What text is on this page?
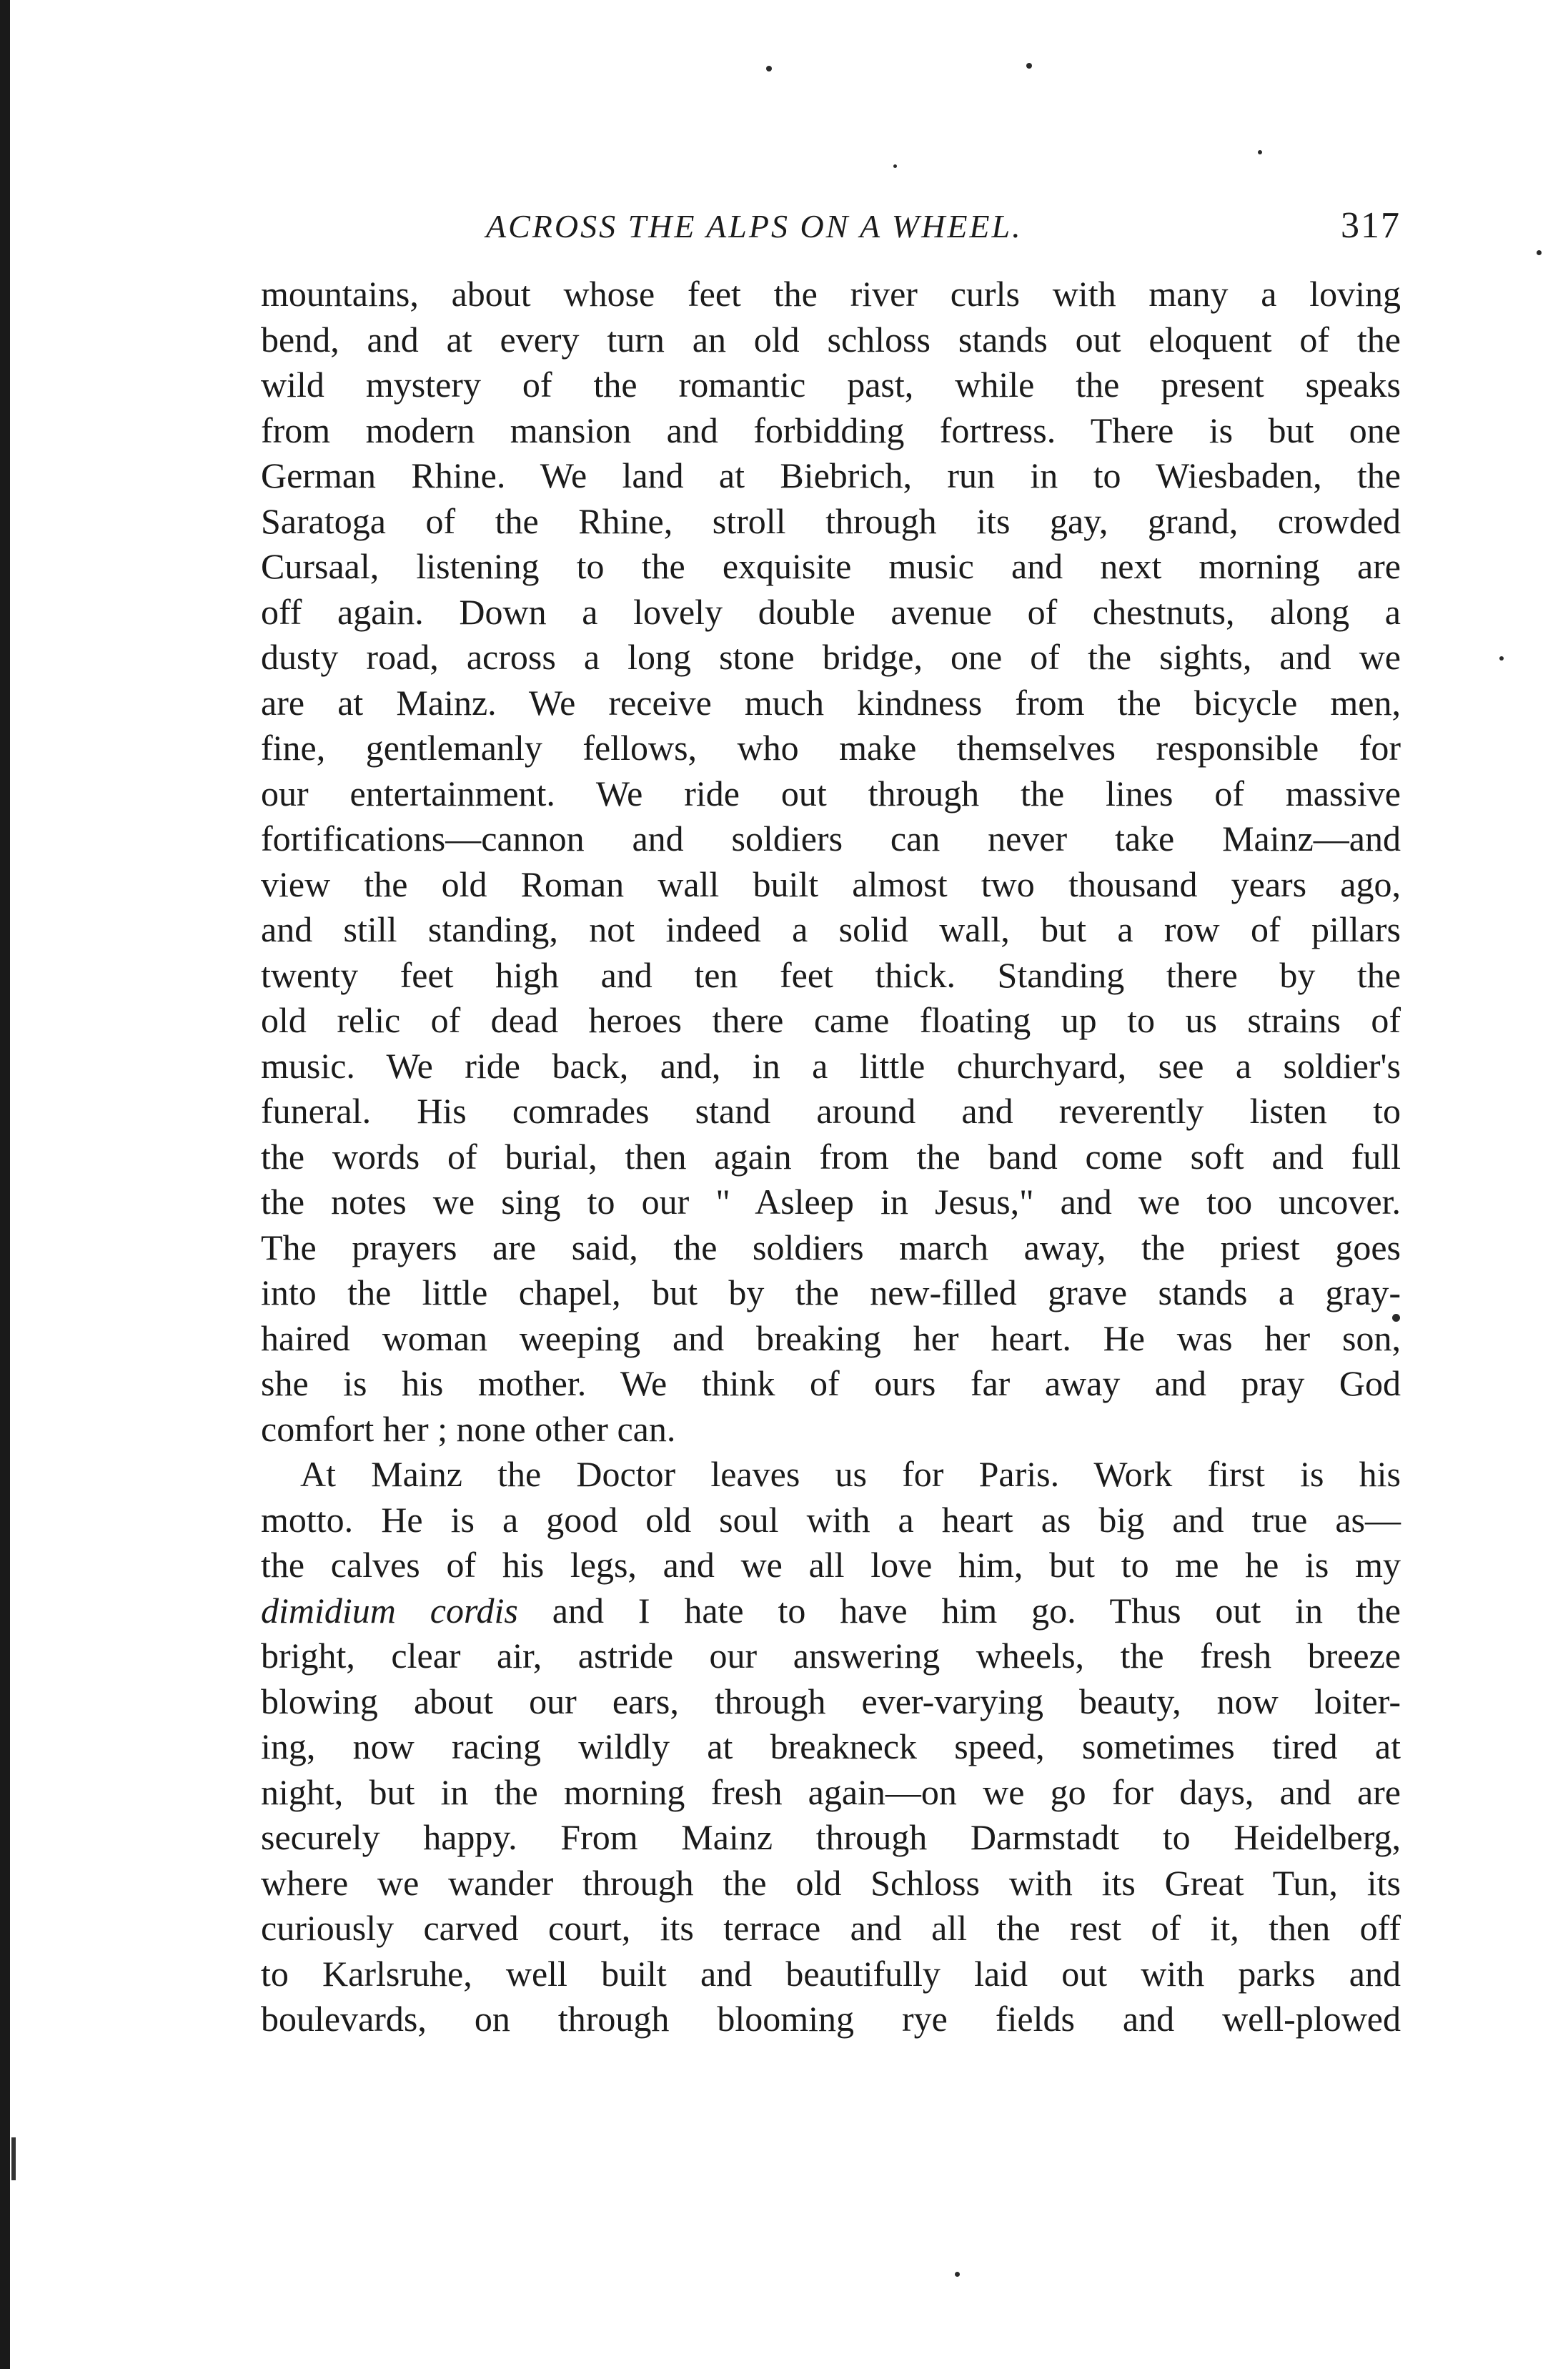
ACROSS THE ALPS ON A WHEEL.	317
mountains, about whose feet the river curls with many a loving
bend, and at every turn an old schloss stands out eloquent of the
wild mystery of the romantic past, while the present speaks
from modern mansion and forbidding fortress. There is but one
German Rhine. We land at Biebrich, run in to Wiesbaden, the
Saratoga of the Rhine, stroll through its gay, grand, crowded
Cursaal, listening to the exquisite music and next morning are
off again. Down a lovely double avenue of chestnuts, along a
dusty road, across a long stone bridge, one of the sights, and we
are at Mainz. We receive much kindness from the bicycle men,
fine, gentlemanly fellows, who make themselves responsible for
our entertainment. We ride out through the lines of massive
fortifications—cannon and soldiers can never take Mainz—and
view the old Roman wall built almost two thousand years ago,
and still standing, not indeed a solid wall, but a row of pillars
twenty feet high and ten feet thick. Standing there by the
old relic of dead heroes there came floating up to us strains of
music. We ride back, and, in a little churchyard, see a soldier's
funeral. His comrades stand around and reverently listen to
the words of burial, then again from the band come soft and full
the notes we sing to our " Asleep in Jesus," and we too uncover.
The prayers are said, the soldiers march away, the priest goes
into the little chapel, but by the new-filled grave stands a gray-
haired woman weeping and breaking her heart. He was her son,
she is his mother. We think of ours far away and pray God
comfort her ; none other can.
At Mainz the Doctor leaves us for Paris. Work first is his
motto. He is a good old soul with a heart as big and true as—
the calves of his legs, and we all love him, but to me he is my
dimidium cordis and I hate to have him go. Thus out in the
bright, clear air, astride our answering wheels, the fresh breeze
blowing about our ears, through ever-varying beauty, now loiter-
ing, now racing wildly at breakneck speed, sometimes tired at
night, but in the morning fresh again—on we go for days, and are
securely happy. From Mainz through Darmstadt to Heidelberg,
where we wander through the old Schloss with its Great Tun, its
curiously carved court, its terrace and all the rest of it, then off
to Karlsruhe, well built and beautifully laid out with parks and
boulevards, on through blooming rye fields and well-plowed
